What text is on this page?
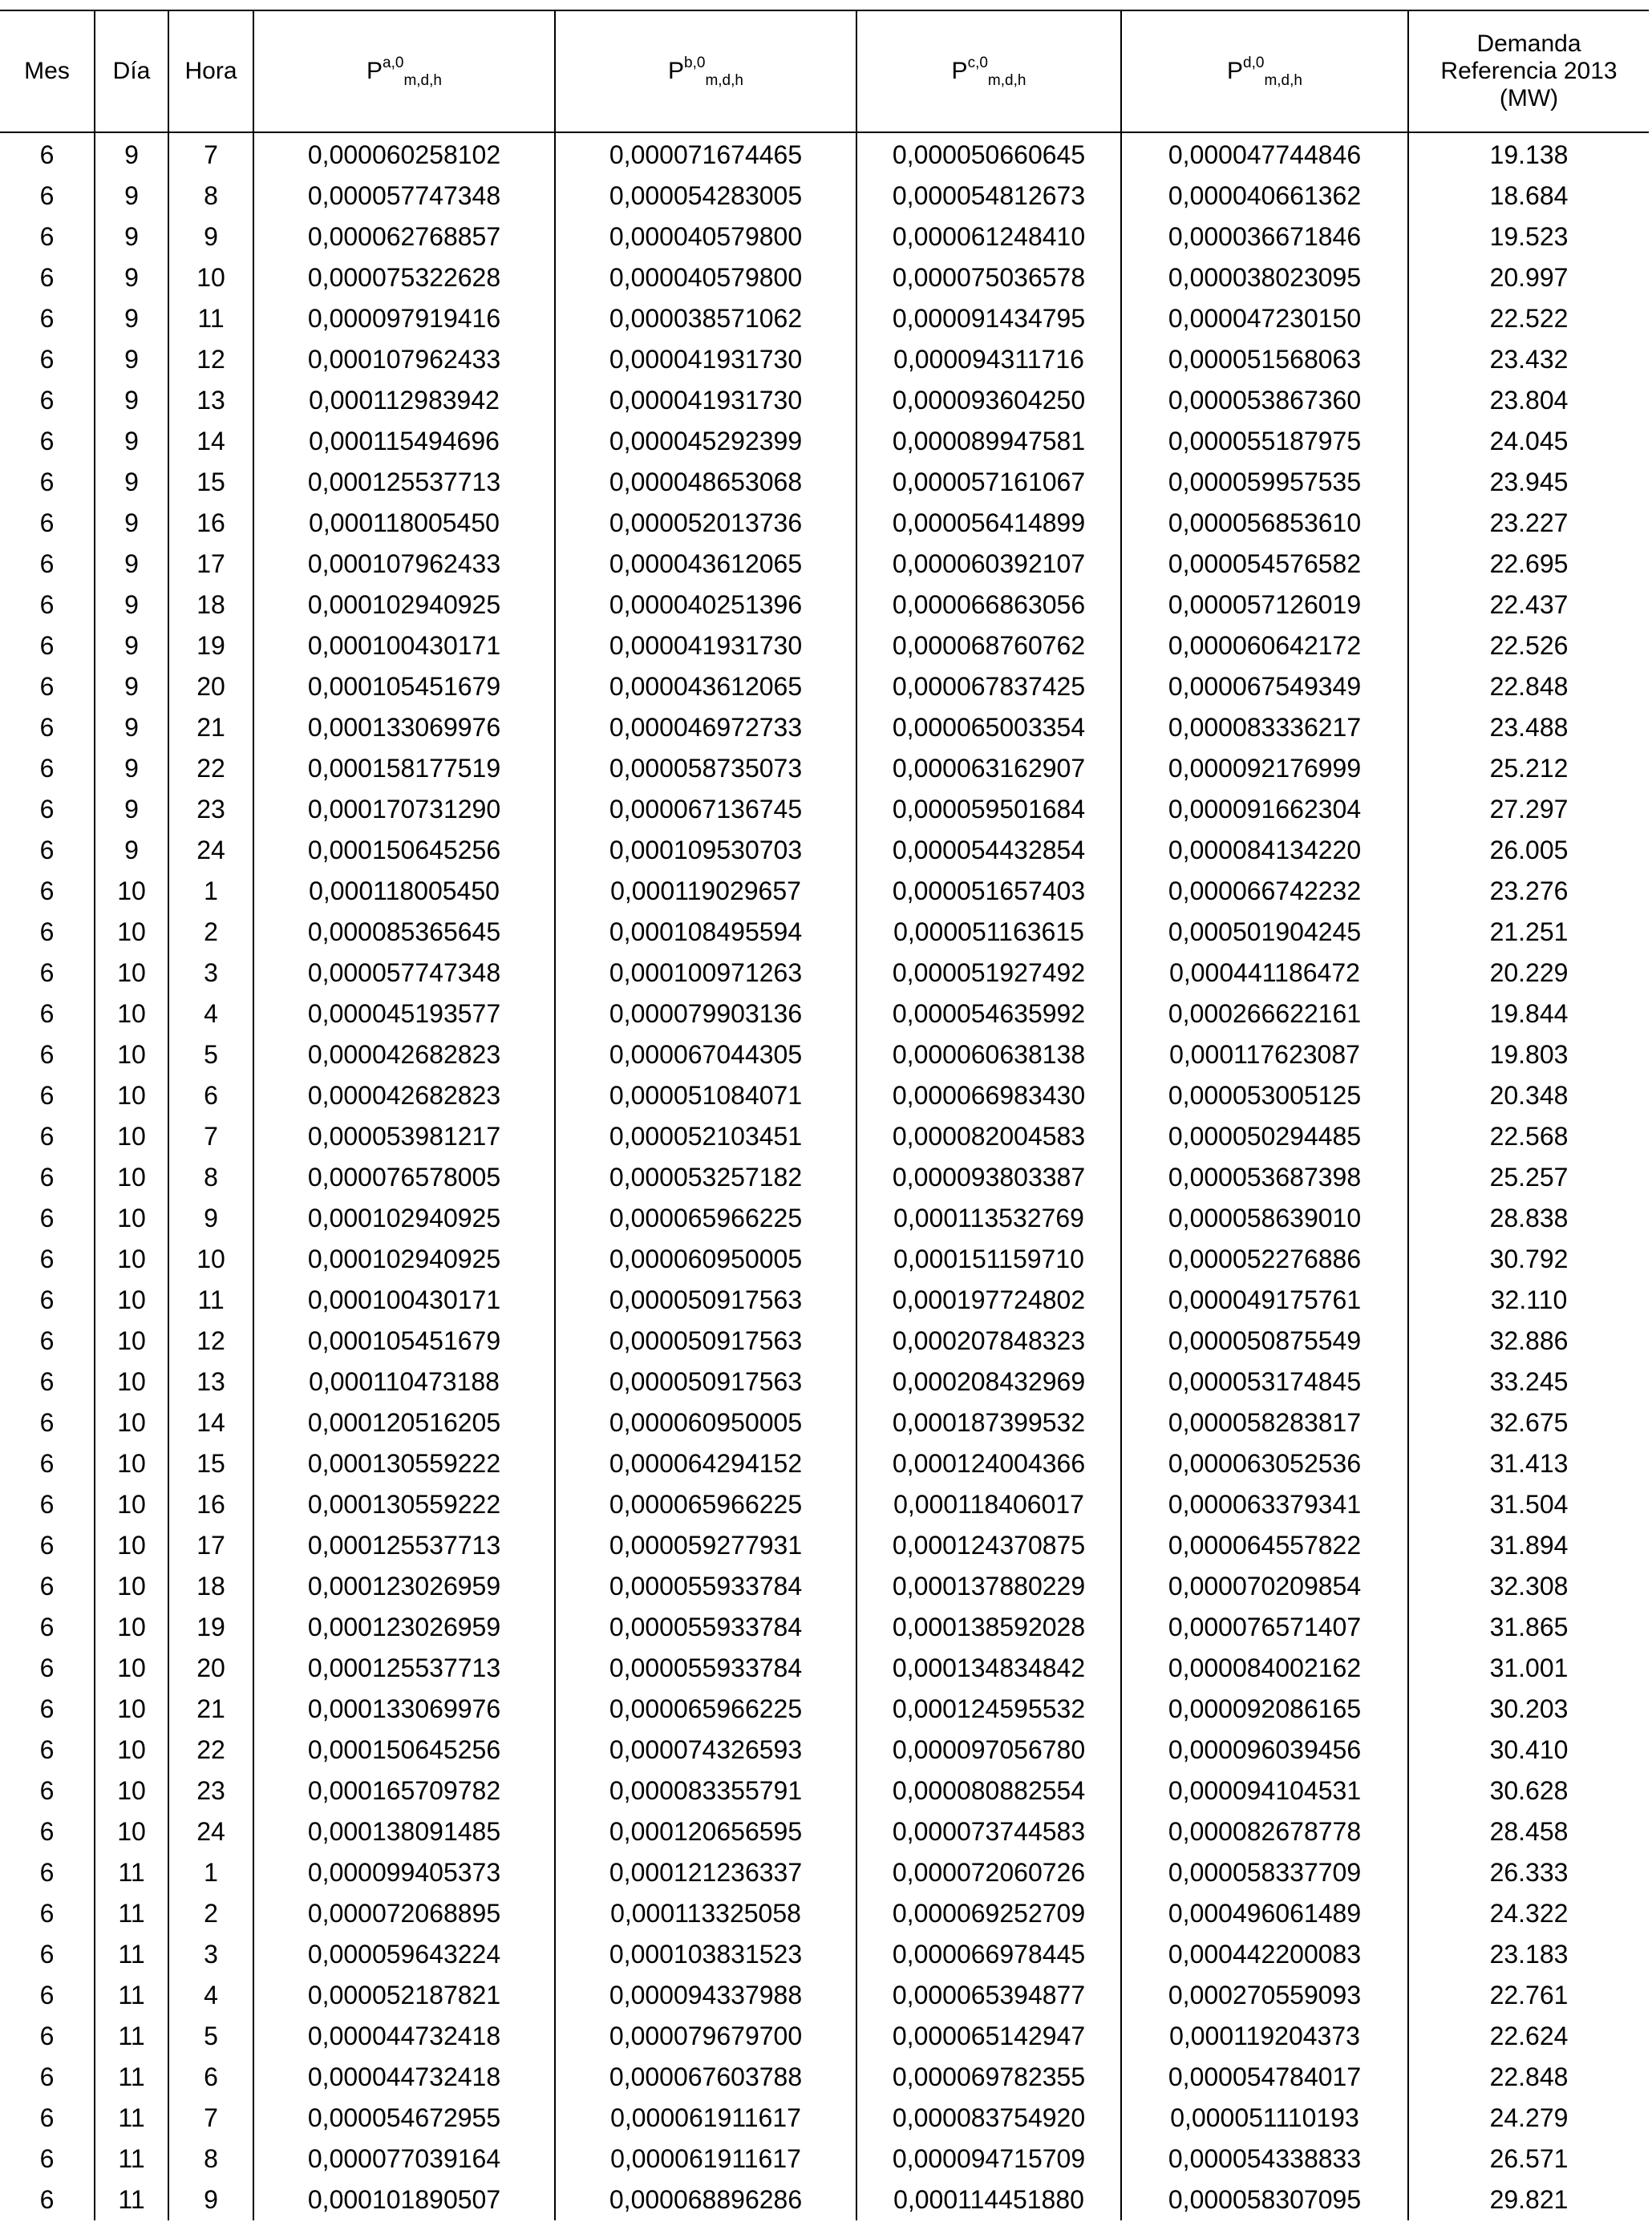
Mes	Día	Hora	P$^{a,0}_{m,d,h}$	P$^{b,0}_{m,d,h}$	P$^{c,0}_{m,d,h}$	P$^{d,0}_{m,d,h}$	Demanda
Referencia 2013
(MW)
6	9	7	0,000060258102	0,000071674465	0,000050660645	0,000047744846	19.138
6	9	8	0,000057747348	0,000054283005	0,000054812673	0,000040661362	18.684
6	9	9	0,000062768857	0,000040579800	0,000061248410	0,000036671846	19.523
6	9	10	0,000075322628	0,000040579800	0,000075036578	0,000038023095	20.997
6	9	11	0,000097919416	0,000038571062	0,000091434795	0,000047230150	22.522
6	9	12	0,000107962433	0,000041931730	0,000094311716	0,000051568063	23.432
6	9	13	0,000112983942	0,000041931730	0,000093604250	0,000053867360	23.804
6	9	14	0,000115494696	0,000045292399	0,000089947581	0,000055187975	24.045
6	9	15	0,000125537713	0,000048653068	0,000057161067	0,000059957535	23.945
6	9	16	0,000118005450	0,000052013736	0,000056414899	0,000056853610	23.227
6	9	17	0,000107962433	0,000043612065	0,000060392107	0,000054576582	22.695
6	9	18	0,000102940925	0,000040251396	0,000066863056	0,000057126019	22.437
6	9	19	0,000100430171	0,000041931730	0,000068760762	0,000060642172	22.526
6	9	20	0,000105451679	0,000043612065	0,000067837425	0,000067549349	22.848
6	9	21	0,000133069976	0,000046972733	0,000065003354	0,000083336217	23.488
6	9	22	0,000158177519	0,000058735073	0,000063162907	0,000092176999	25.212
6	9	23	0,000170731290	0,000067136745	0,000059501684	0,000091662304	27.297
6	9	24	0,000150645256	0,000109530703	0,000054432854	0,000084134220	26.005
6	10	1	0,000118005450	0,000119029657	0,000051657403	0,000066742232	23.276
6	10	2	0,000085365645	0,000108495594	0,000051163615	0,000501904245	21.251
6	10	3	0,000057747348	0,000100971263	0,000051927492	0,000441186472	20.229
6	10	4	0,000045193577	0,000079903136	0,000054635992	0,000266622161	19.844
6	10	5	0,000042682823	0,000067044305	0,000060638138	0,000117623087	19.803
6	10	6	0,000042682823	0,000051084071	0,000066983430	0,000053005125	20.348
6	10	7	0,000053981217	0,000052103451	0,000082004583	0,000050294485	22.568
6	10	8	0,000076578005	0,000053257182	0,000093803387	0,000053687398	25.257
6	10	9	0,000102940925	0,000065966225	0,000113532769	0,000058639010	28.838
6	10	10	0,000102940925	0,000060950005	0,000151159710	0,000052276886	30.792
6	10	11	0,000100430171	0,000050917563	0,000197724802	0,000049175761	32.110
6	10	12	0,000105451679	0,000050917563	0,000207848323	0,000050875549	32.886
6	10	13	0,000110473188	0,000050917563	0,000208432969	0,000053174845	33.245
6	10	14	0,000120516205	0,000060950005	0,000187399532	0,000058283817	32.675
6	10	15	0,000130559222	0,000064294152	0,000124004366	0,000063052536	31.413
6	10	16	0,000130559222	0,000065966225	0,000118406017	0,000063379341	31.504
6	10	17	0,000125537713	0,000059277931	0,000124370875	0,000064557822	31.894
6	10	18	0,000123026959	0,000055933784	0,000137880229	0,000070209854	32.308
6	10	19	0,000123026959	0,000055933784	0,000138592028	0,000076571407	31.865
6	10	20	0,000125537713	0,000055933784	0,000134834842	0,000084002162	31.001
6	10	21	0,000133069976	0,000065966225	0,000124595532	0,000092086165	30.203
6	10	22	0,000150645256	0,000074326593	0,000097056780	0,000096039456	30.410
6	10	23	0,000165709782	0,000083355791	0,000080882554	0,000094104531	30.628
6	10	24	0,000138091485	0,000120656595	0,000073744583	0,000082678778	28.458
6	11	1	0,000099405373	0,000121236337	0,000072060726	0,000058337709	26.333
6	11	2	0,000072068895	0,000113325058	0,000069252709	0,000496061489	24.322
6	11	3	0,000059643224	0,000103831523	0,000066978445	0,000442200083	23.183
6	11	4	0,000052187821	0,000094337988	0,000065394877	0,000270559093	22.761
6	11	5	0,000044732418	0,000079679700	0,000065142947	0,000119204373	22.624
6	11	6	0,000044732418	0,000067603788	0,000069782355	0,000054784017	22.848
6	11	7	0,000054672955	0,000061911617	0,000083754920	0,000051110193	24.279
6	11	8	0,000077039164	0,000061911617	0,000094715709	0,000054338833	26.571
6	11	9	0,000101890507	0,000068896286	0,000114451880	0,000058307095	29.821
